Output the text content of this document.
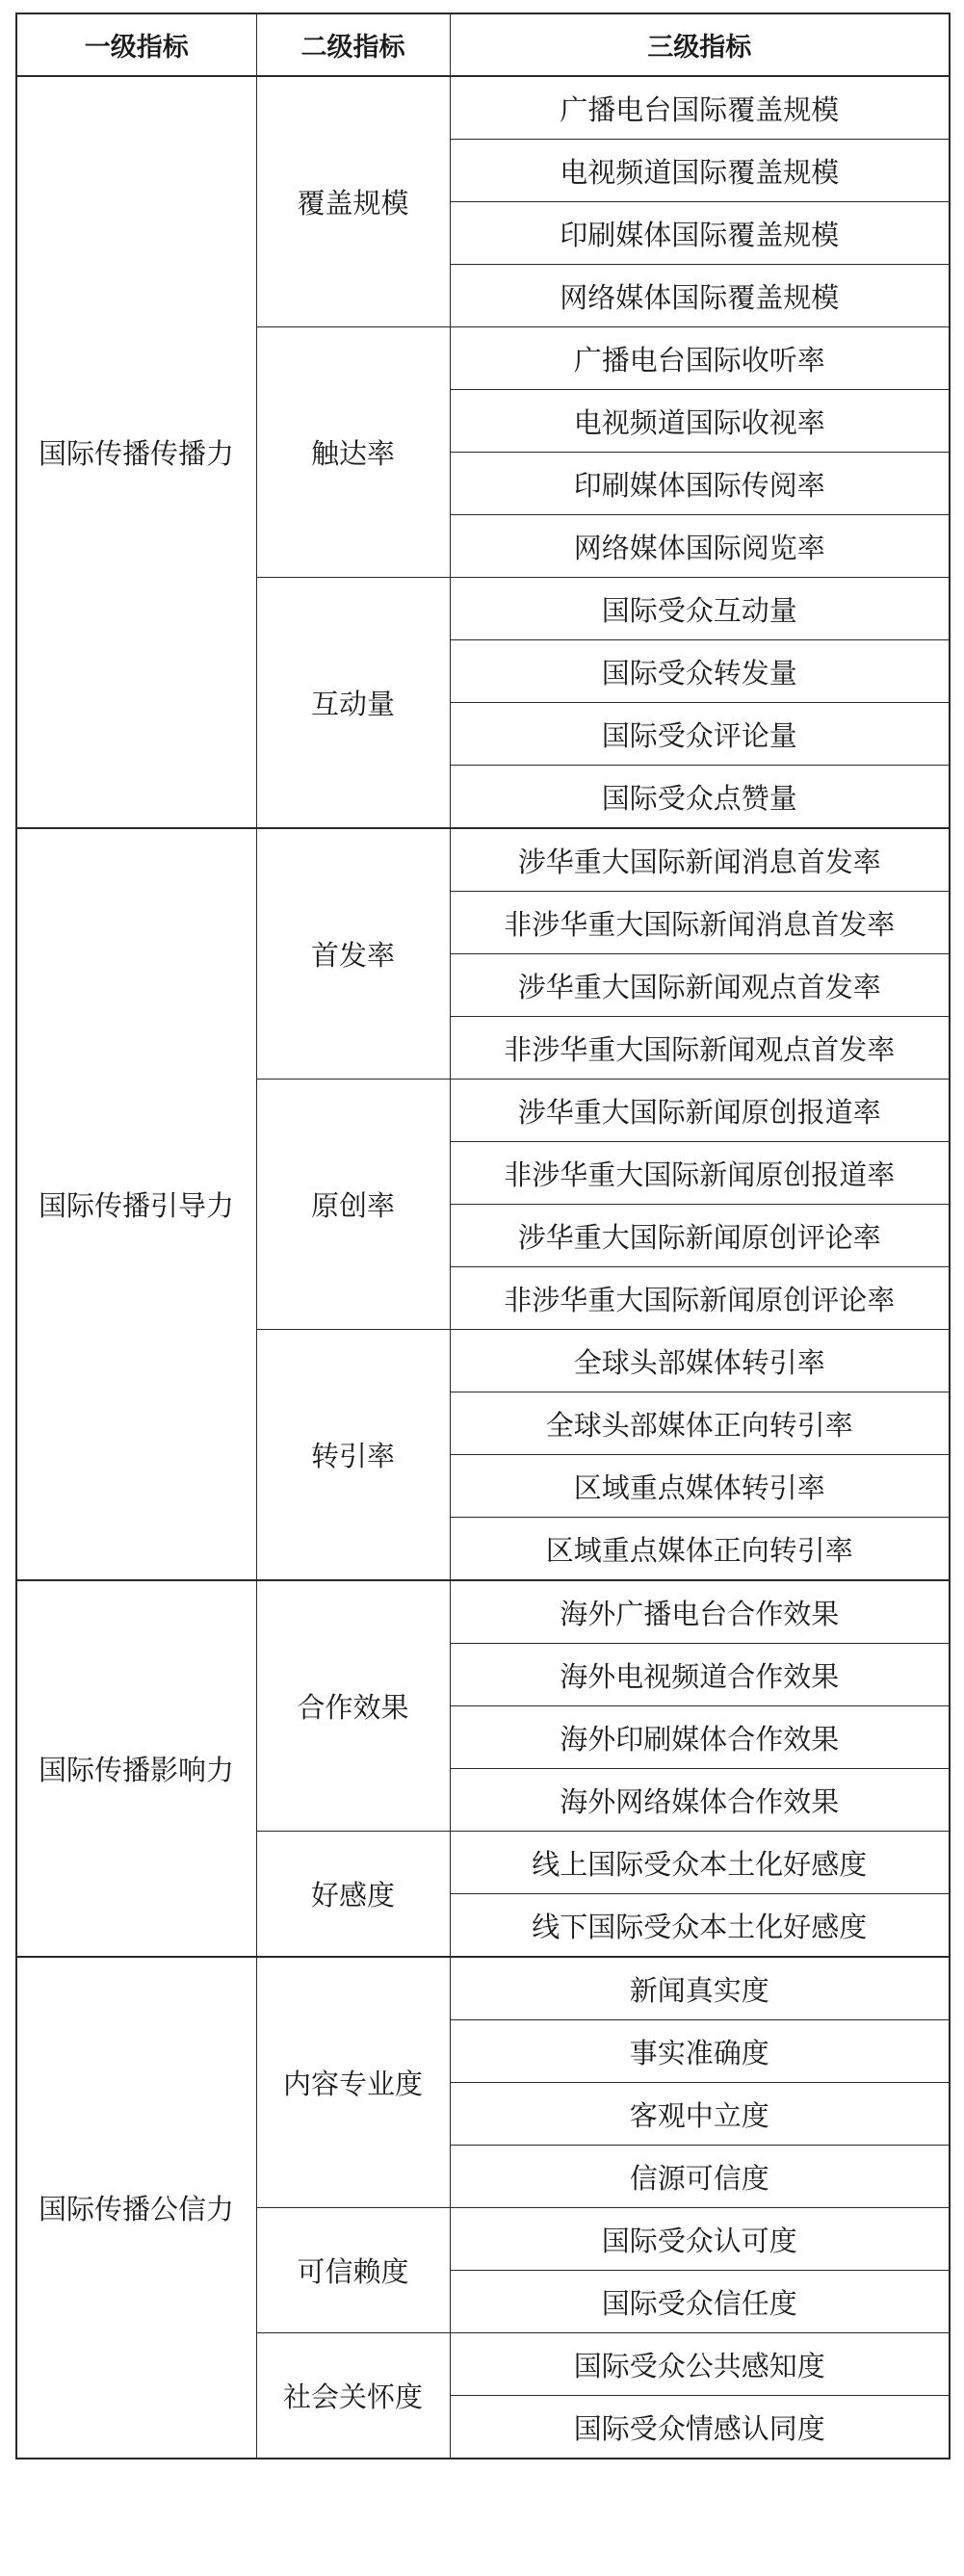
一级指标	二级指标	三级指标
国际传播传播力	覆盖规模	广播电台国际覆盖规模
		电视频道国际覆盖规模
		印刷媒体国际覆盖规模
		网络媒体国际覆盖规模
	触达率	广播电台国际收听率
		电视频道国际收视率
		印刷媒体国际传阅率
		网络媒体国际阅览率
	互动量	国际受众互动量
		国际受众转发量
		国际受众评论量
		国际受众点赞量
国际传播引导力	首发率	涉华重大国际新闻消息首发率
		非涉华重大国际新闻消息首发率
		涉华重大国际新闻观点首发率
		非涉华重大国际新闻观点首发率
	原创率	涉华重大国际新闻原创报道率
		非涉华重大国际新闻原创报道率
		涉华重大国际新闻原创评论率
		非涉华重大国际新闻原创评论率
	转引率	全球头部媒体转引率
		全球头部媒体正向转引率
		区域重点媒体转引率
		区域重点媒体正向转引率
国际传播影响力	合作效果	海外广播电台合作效果
		海外电视频道合作效果
		海外印刷媒体合作效果
		海外网络媒体合作效果
	好感度	线上国际受众本土化好感度
		线下国际受众本土化好感度
国际传播公信力	内容专业度	新闻真实度
		事实准确度
		客观中立度
		信源可信度
	可信赖度	国际受众认可度
		国际受众信任度
	社会关怀度	国际受众公共感知度
		国际受众情感认同度
